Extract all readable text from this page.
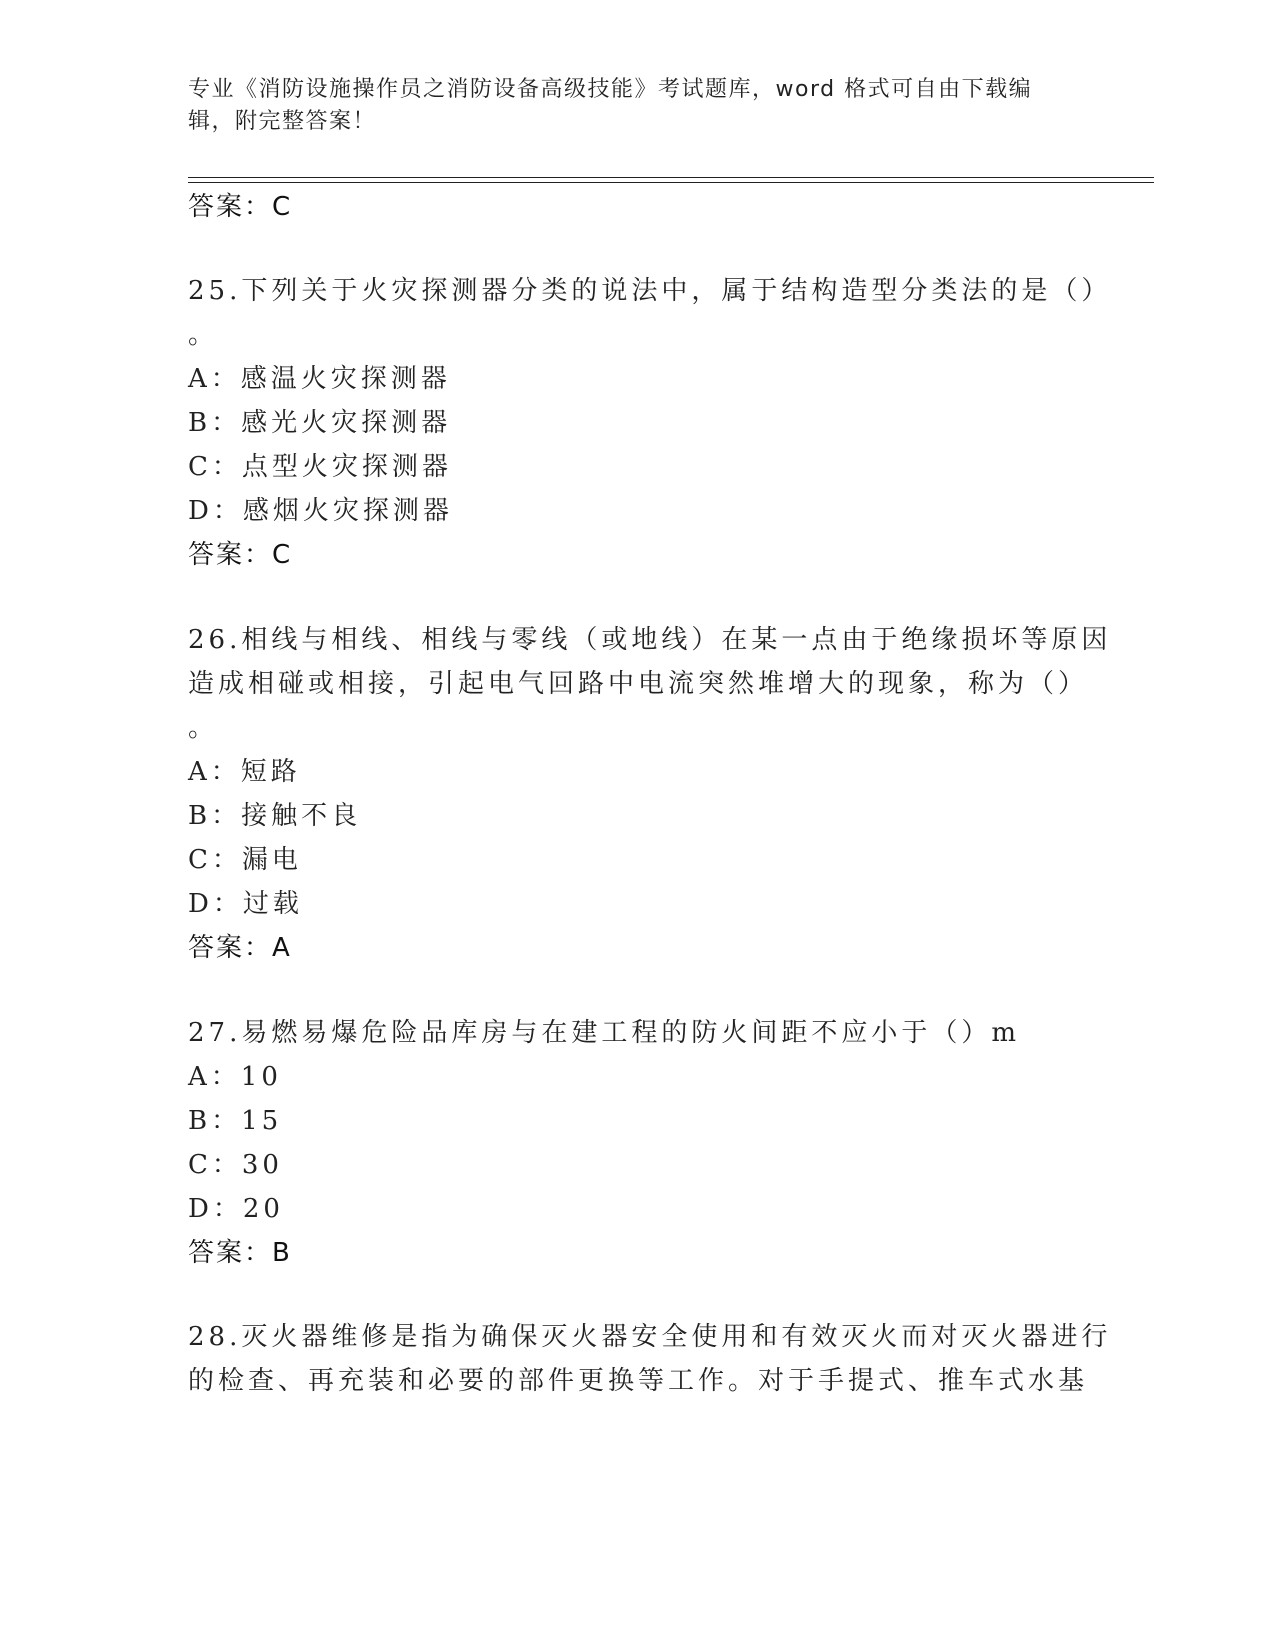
专业《消防设施操作员之消防设备高级技能》考试题库，word 格式可自由下载编
辑，附完整答案！
答案：C
25.下列关于火灾探测器分类的说法中，属于结构造型分类法的是（）
。
A：感温火灾探测器
B：感光火灾探测器
C：点型火灾探测器
D：感烟火灾探测器
答案：C
26.相线与相线、相线与零线（或地线）在某一点由于绝缘损坏等原因
造成相碰或相接，引起电气回路中电流突然堆增大的现象，称为（）
。
A：短路
B：接触不良
C：漏电
D：过载
答案：A
27.易燃易爆危险品库房与在建工程的防火间距不应小于（）m
A：10
B：15
C：30
D：20
答案：B
28.灭火器维修是指为确保灭火器安全使用和有效灭火而对灭火器进行
的检查、再充装和必要的部件更换等工作。对于手提式、推车式水基
